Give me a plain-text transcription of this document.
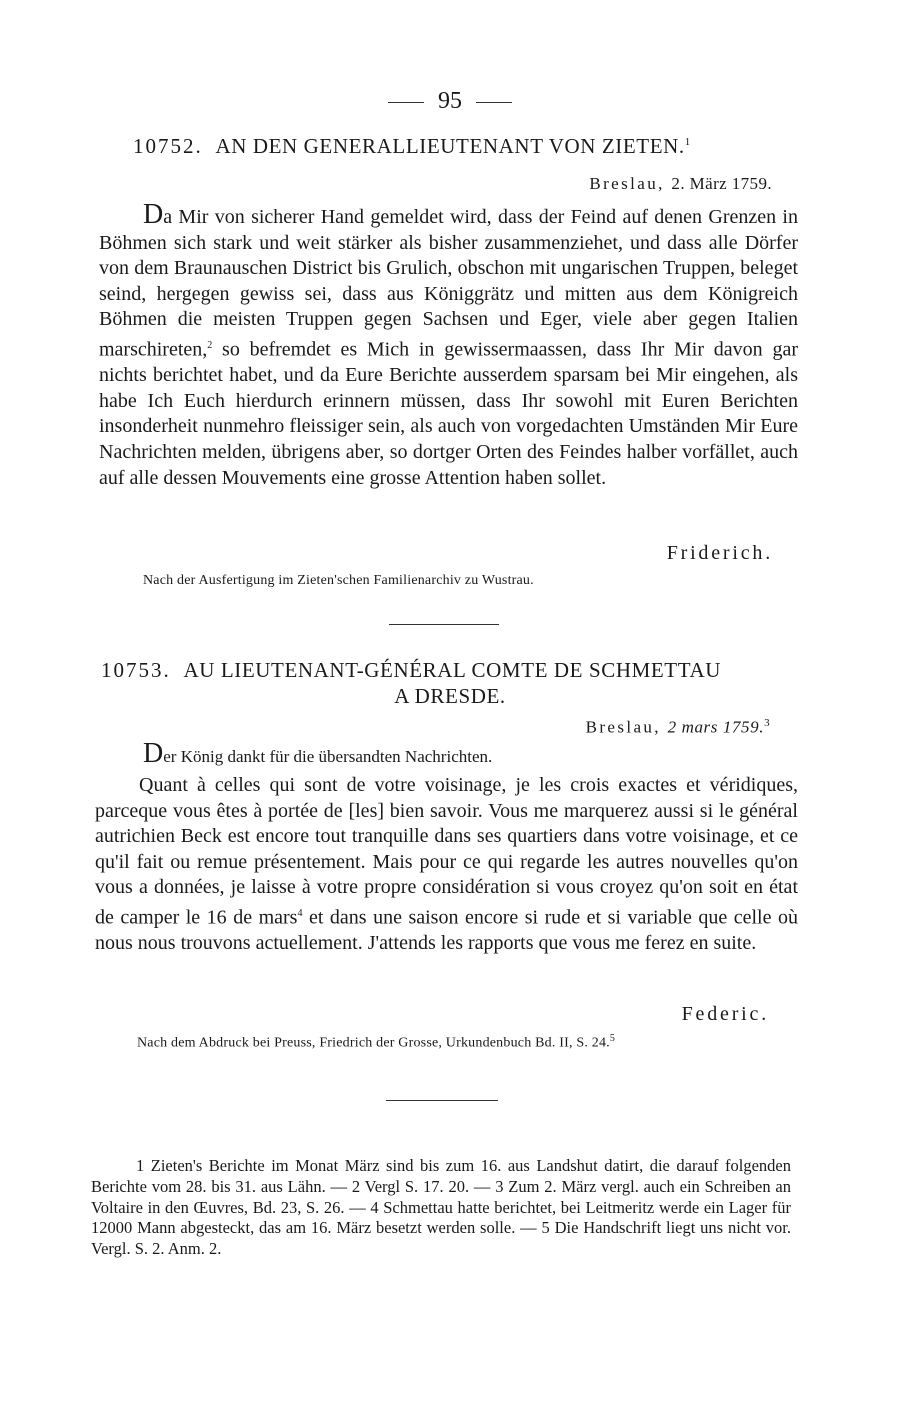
95
10752. AN DEN GENERALLIEUTENANT VON ZIETEN.$^1$
Breslau, 2. März 1759.

Da Mir von sicherer Hand gemeldet wird, dass der Feind auf denen Grenzen in Böhmen sich stark und weit stärker als bisher zusammenziehet, und dass alle Dörfer von dem Braunauschen District bis Grulich, obschon mit ungarischen Truppen, beleget seind, hergegen gewiss sei, dass aus Königgrätz und mitten aus dem Königreich Böhmen die meisten Truppen gegen Sachsen und Eger, viele aber gegen Italien marschireten,$^2$ so befremdet es Mich in gewissermaassen, dass Ihr Mir davon gar nichts berichtet habet, und da Eure Berichte ausserdem sparsam bei Mir eingehen, als habe Ich Euch hierdurch erinnern müssen, dass Ihr sowohl mit Euren Berichten insonderheit nunmehro fleissiger sein, als auch von vorgedachten Umständen Mir Eure Nachrichten melden, übrigens aber, so dortger Orten des Feindes halber vorfället, auch auf alle dessen Mouvements eine grosse Attention haben sollet.

Friderich.
Nach der Ausfertigung im Zieten'schen Familienarchiv zu Wustrau.
10753. AU LIEUTENANT-GÉNÉRAL COMTE DE SCHMETTAU
A DRESDE.
Breslau, 2 mars 1759.$^3$
Der König dankt für die übersandten Nachrichten.

Quant à celles qui sont de votre voisinage, je les crois exactes et véridiques, parceque vous êtes à portée de [les] bien savoir. Vous me marquerez aussi si le général autrichien Beck est encore tout tranquille dans ses quartiers dans votre voisinage, et ce qu'il fait ou remue présentement. Mais pour ce qui regarde les autres nouvelles qu'on vous a données, je laisse à votre propre considération si vous croyez qu'on soit en état de camper le 16 de mars$^4$ et dans une saison encore si rude et si variable que celle où nous nous trouvons actuellement. J'attends les rapports que vous me ferez en suite.

Federic.
Nach dem Abdruck bei Preuss, Friedrich der Grosse, Urkundenbuch Bd. II, S. 24.$^5$

1 Zieten's Berichte im Monat März sind bis zum 16. aus Landshut datirt, die darauf folgenden Berichte vom 28. bis 31. aus Lähn. — 2 Vergl S. 17. 20. — 3 Zum 2. März vergl. auch ein Schreiben an Voltaire in den Œuvres, Bd. 23, S. 26. — 4 Schmettau hatte berichtet, bei Leitmeritz werde ein Lager für 12000 Mann abgesteckt, das am 16. März besetzt werden solle. — 5 Die Handschrift liegt uns nicht vor. Vergl. S. 2. Anm. 2.
